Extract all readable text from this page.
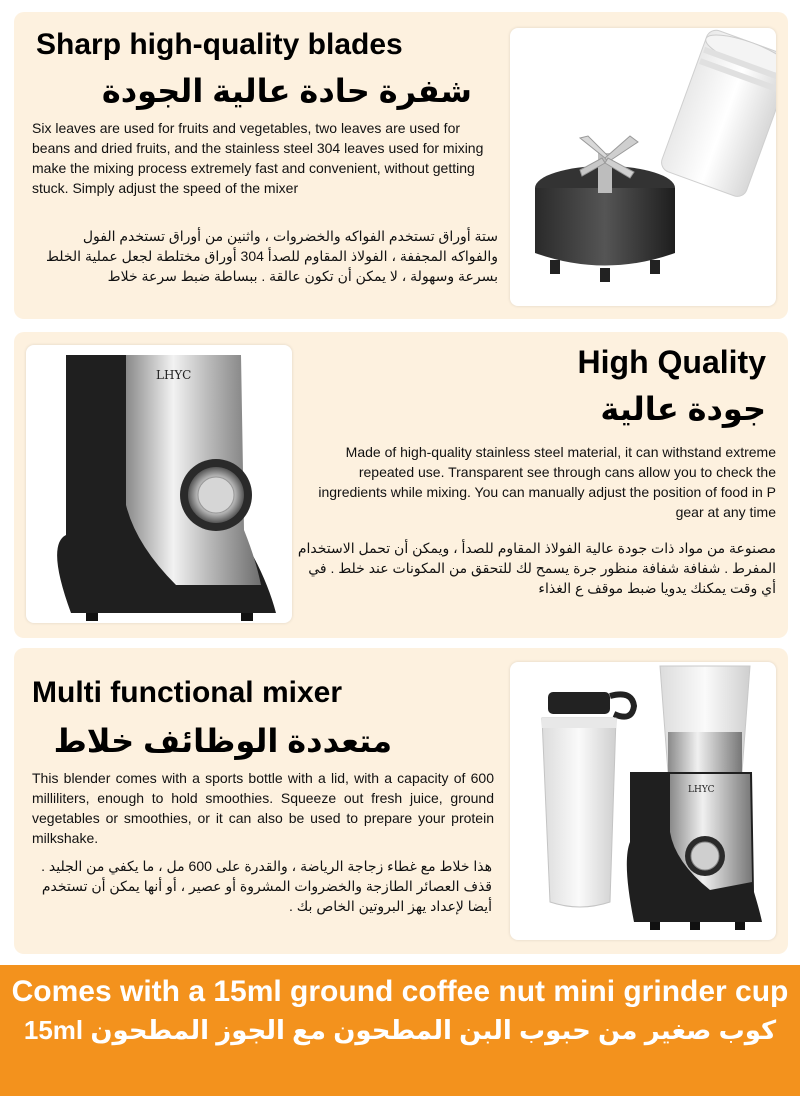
Sharp high-quality blades
شفرة حادة عالية الجودة

Six leaves are used for fruits and vegetables, two leaves are used for beans and dried fruits, and the stainless steel 304 leaves used for mixing make the mixing process extremely fast and convenient, without getting stuck. Simply adjust the speed of the mixer

ستة أوراق تستخدم الفواكه والخضروات ، واثنين من أوراق تستخدم الفول والفواكه المجففة ، الفولاذ المقاوم للصدأ 304 أوراق مختلطة لجعل عملية الخلط بسرعة وسهولة ، لا يمكن أن تكون عالقة . ببساطة ضبط سرعة خلاط

LHYC	High Quality
جودة عالية

Made of high-quality stainless steel material, it can withstand extreme repeated use. Transparent see through cans allow you to check the ingredients while mixing. You can manually adjust the position of food in P gear at any time

مصنوعة من مواد ذات جودة عالية الفولاذ المقاوم للصدأ ، ويمكن أن تحمل الاستخدام المفرط . شفافة شفافة منظور جرة يسمح لك للتحقق من المكونات عند خلط . في أي وقت يمكنك يدويا ضبط موقف ع الغذاء

Multi functional mixer
متعددة الوظائف خلاط

This blender comes with a sports bottle with a lid, with a capacity of 600 milliliters, enough to hold smoothies. Squeeze out fresh juice, ground vegetables or smoothies, or it can also be used to prepare your protein milkshake.

هذا خلاط مع غطاء زجاجة الرياضة ، والقدرة على 600 مل ، ما يكفي من الجليد . قذف العصائر الطازجة والخضروات المشروة أو عصير ، أو أنها يمكن أن تستخدم أيضا لإعداد يهز البروتين الخاص بك .

LHYC

Comes with a 15ml ground coffee nut mini grinder cup

كوب صغير من حبوب البن المطحون مع الجوز المطحون 15ml
